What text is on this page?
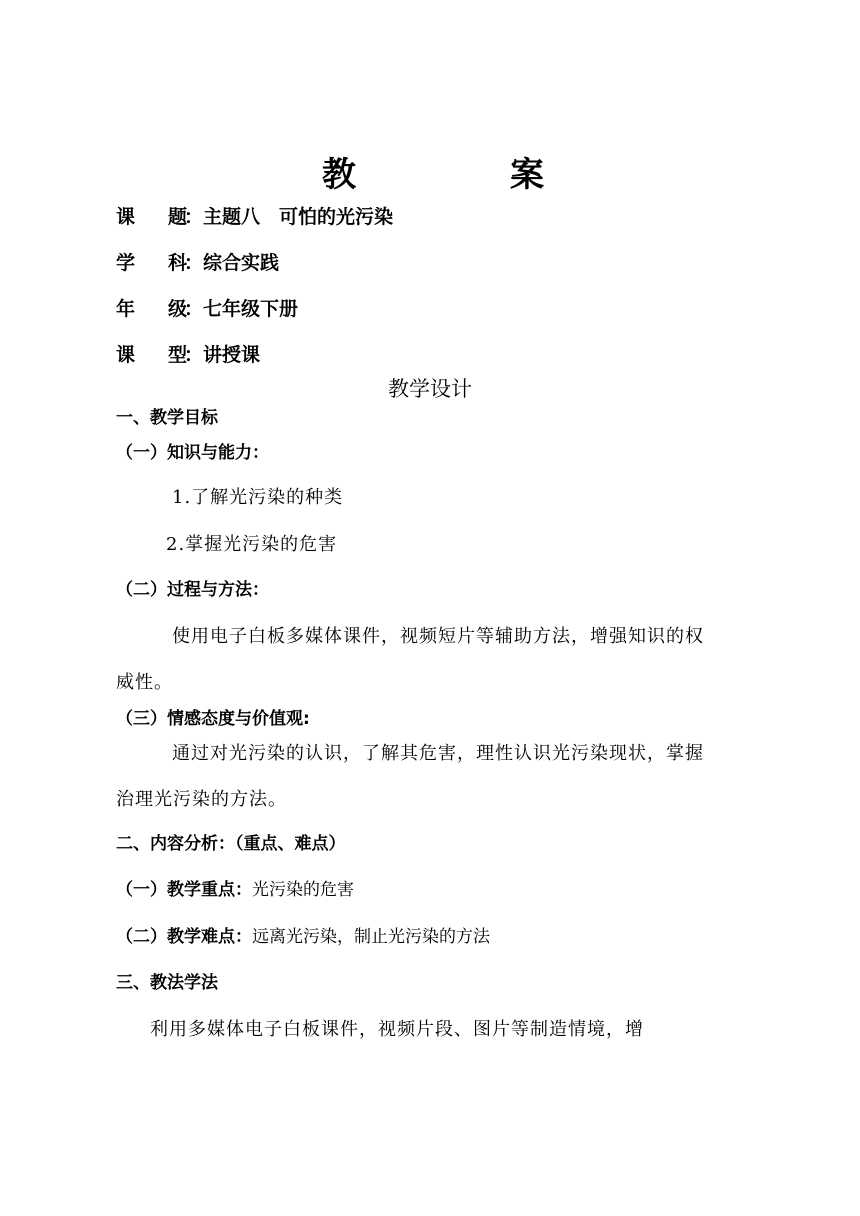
教	案
课 题
：主题八　可怕的光污染
学 科
：综合实践
年 级
：七年级下册
课 型
：讲授课
教学设计
一、教学目标
（一）知识与能力：
1.了解光污染的种类
2.掌握光污染的危害
（二）过程与方法：
使用电子白板多媒体课件，视频短片等辅助方法，增强知识的权
威性。
（三）情感态度与价值观:
通过对光污染的认识，了解其危害，理性认识光污染现状，掌握
治理光污染的方法。
二、内容分析：（重点、难点）
（一）教学重点：光污染的危害
（二）教学难点：远离光污染，制止光污染的方法
三、教法学法
利用多媒体电子白板课件，视频片段、图片等制造情境，增
